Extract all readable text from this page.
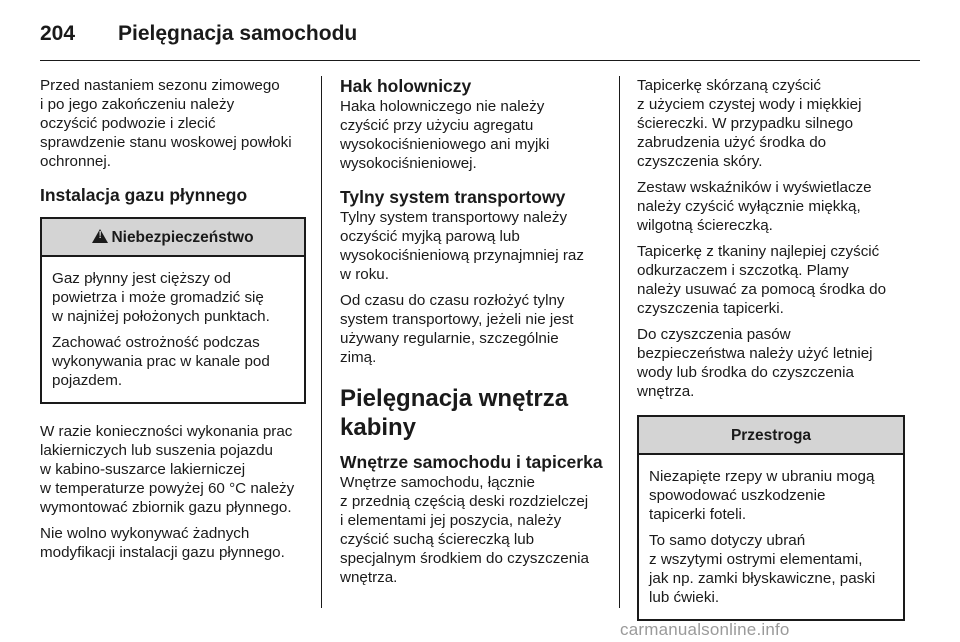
204	Pielęgnacja samochodu

Przed nastaniem sezonu zimowego
i po jego zakończeniu należy
oczyścić podwozie i zlecić
sprawdzenie stanu woskowej powłoki
ochronnej.

Instalacja gazu płynnego
!
Niebezpieczeństwo

Gaz płynny jest cięższy od
powietrza i może gromadzić się
w najniżej położonych punktach.

Zachować ostrożność podczas
wykonywania prac w kanale pod
pojazdem.

W razie konieczności wykonania prac
lakierniczych lub suszenia pojazdu
w kabino-suszarce lakierniczej
w temperaturze powyżej 60 °C należy
wymontować zbiornik gazu płynnego.

Nie wolno wykonywać żadnych
modyfikacji instalacji gazu płynnego.

Hak holowniczy

Haka holowniczego nie należy
czyścić przy użyciu agregatu
wysokociśnieniowego ani myjki
wysokociśnieniowej.

Tylny system transportowy

Tylny system transportowy należy
oczyścić myjką parową lub
wysokociśnieniową przynajmniej raz
w roku.

Od czasu do czasu rozłożyć tylny
system transportowy, jeżeli nie jest
używany regularnie, szczególnie
zimą.

Pielęgnacja wnętrza
kabiny
Wnętrze samochodu i tapicerka

Wnętrze samochodu, łącznie
z przednią częścią deski rozdzielczej
i elementami jej poszycia, należy
czyścić suchą ściereczką lub
specjalnym środkiem do czyszczenia
wnętrza.

Tapicerkę skórzaną czyścić
z użyciem czystej wody i miękkiej
ściereczki. W przypadku silnego
zabrudzenia użyć środka do
czyszczenia skóry.

Zestaw wskaźników i wyświetlacze
należy czyścić wyłącznie miękką,
wilgotną ściereczką.

Tapicerkę z tkaniny najlepiej czyścić
odkurzaczem i szczotką. Plamy
należy usuwać za pomocą środka do
czyszczenia tapicerki.

Do czyszczenia pasów
bezpieczeństwa należy użyć letniej
wody lub środka do czyszczenia
wnętrza.

Przestroga

Niezapięte rzepy w ubraniu mogą
spowodować uszkodzenie
tapicerki foteli.

To samo dotyczy ubrań
z wszytymi ostrymi elementami,
jak np. zamki błyskawiczne, paski
lub ćwieki.

carmanualsonline.info
